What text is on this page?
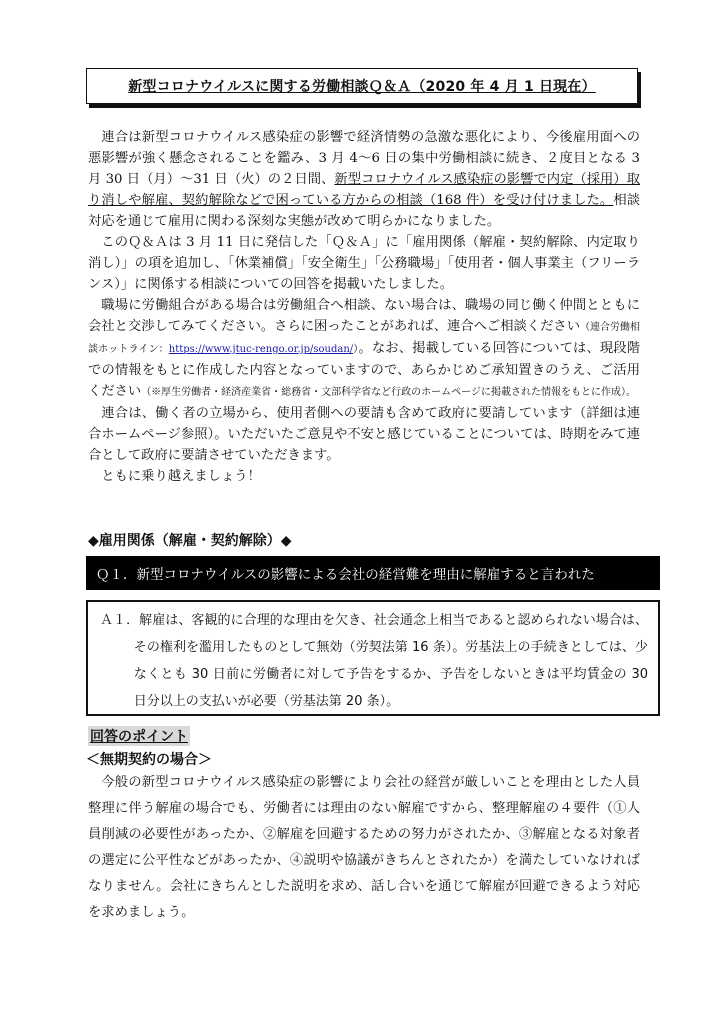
新型コロナウイルスに関する労働相談Ｑ＆Ａ（2020 年 4 月 1 日現在）

連合は新型コロナウイルス感染症の影響で経済情勢の急激な悪化により、今後雇用面への悪影響が強く懸念されることを鑑み、3 月 4～6 日の集中労働相談に続き、２度目となる 3 月 30 日（月）～31 日（火）の２日間、新型コロナウイルス感染症の影響で内定（採用）取り消しや解雇、契約解除などで困っている方からの相談（168 件）を受け付けました。相談対応を通じて雇用に関わる深刻な実態が改めて明らかになりました。

このＱ＆Ａは 3 月 11 日に発信した「Ｑ＆Ａ」に「雇用関係（解雇・契約解除、内定取り消し）」の項を追加し、「休業補償」「安全衛生」「公務職場」「使用者・個人事業主（フリーランス）」に関係する相談についての回答を掲載いたしました。

職場に労働組合がある場合は労働組合へ相談、ない場合は、職場の同じ働く仲間とともに会社と交渉してみてください。さらに困ったことがあれば、連合へご相談ください（連合労働相談ホットライン：https://www.jtuc-rengo.or.jp/soudan/）。なお、掲載している回答については、現段階での情報をもとに作成した内容となっていますので、あらかじめご承知置きのうえ、ご活用ください（※厚生労働者・経済産業省・総務省・文部科学省など行政のホームページに掲載された情報をもとに作成）。

連合は、働く者の立場から、使用者側への要請も含めて政府に要請しています（詳細は連合ホームページ参照）。いただいたご意見や不安と感じていることについては、時期をみて連合として政府に要請させていただきます。

ともに乗り越えましょう！

◆雇用関係（解雇・契約解除）◆
Ｑ１．新型コロナウイルスの影響による会社の経営難を理由に解雇すると言われた

Ａ１．解雇は、客観的に合理的な理由を欠き、社会通念上相当であると認められない場合は、その権利を濫用したものとして無効（労契法第 16 条）。労基法上の手続きとしては、少なくとも 30 日前に労働者に対して予告をするか、予告をしないときは平均賃金の 30 日分以上の支払いが必要（労基法第 20 条）。

回答のポイント
＜無期契約の場合＞

今般の新型コロナウイルス感染症の影響により会社の経営が厳しいことを理由とした人員整理に伴う解雇の場合でも、労働者には理由のない解雇ですから、整理解雇の４要件（①人員削減の必要性があったか、②解雇を回避するための努力がされたか、③解雇となる対象者の選定に公平性などがあったか、④説明や協議がきちんとされたか）を満たしていなければなりません。会社にきちんとした説明を求め、話し合いを通じて解雇が回避できるよう対応を求めましょう。
